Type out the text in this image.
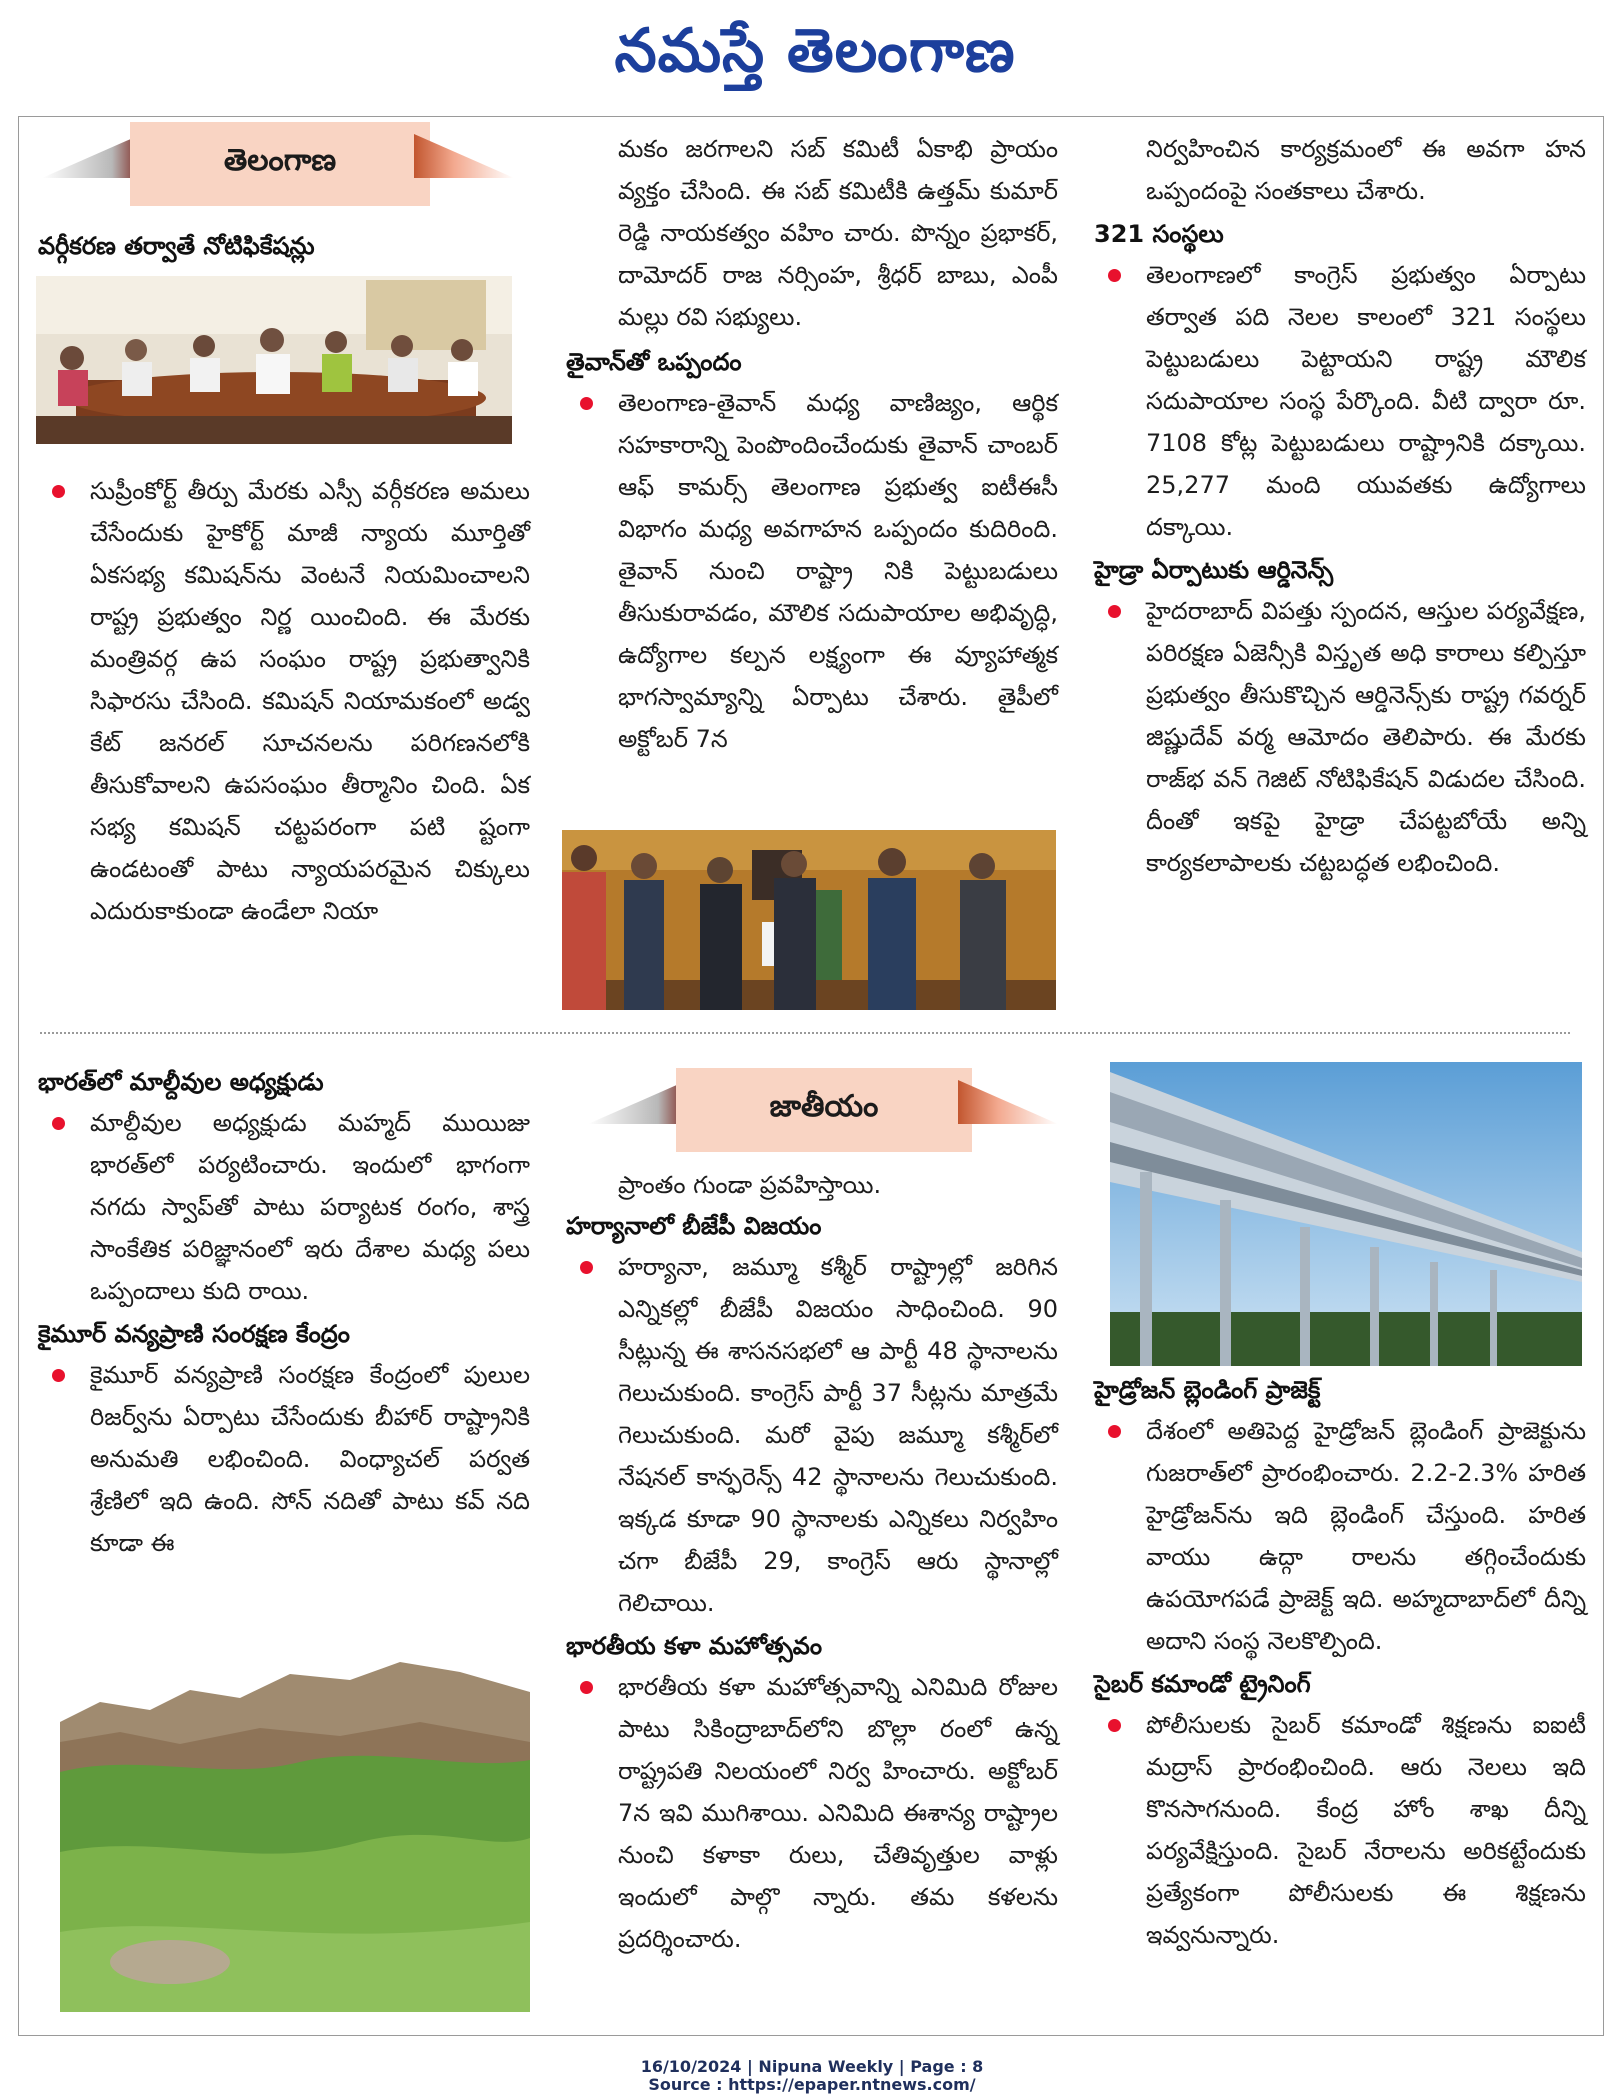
నమస్తే తెలంగాణ
తెలంగాణ
జాతీయం
వర్గీకరణ తర్వాతే నోటిఫికేషన్లు
సుప్రీంకోర్ట్ తీర్పు మేరకు ఎస్సీ వర్గీకరణ అమలు చేసేందుకు హైకోర్ట్ మాజీ న్యాయ మూర్తితో ఏకసభ్య కమిషన్‌ను వెంటనే నియమించాలని రాష్ట్ర ప్రభుత్వం నిర్ణ యించింది. ఈ మేరకు మంత్రివర్గ ఉప సంఘం రాష్ట్ర ప్రభుత్వానికి సిఫారసు చేసింది. కమిషన్ నియామకంలో అడ్వ కేట్ జనరల్ సూచనలను పరిగణనలోకి తీసుకోవాలని ఉపసంఘం తీర్మానిం చింది. ఏక సభ్య కమిషన్ చట్టపరంగా పటి ష్టంగా ఉండటంతో పాటు న్యాయపరమైన చిక్కులు ఎదురుకాకుండా ఉండేలా నియా
మకం జరగాలని సబ్ కమిటీ ఏకాభి ప్రాయం వ్యక్తం చేసింది. ఈ సబ్ కమిటీకి ఉత్తమ్ కుమార్ రెడ్డి నాయకత్వం వహిం చారు. పొన్నం ప్రభాకర్, దామోదర్ రాజ నర్సింహ, శ్రీధర్ బాబు, ఎంపీ మల్లు రవి సభ్యులు.
తైవాన్‌తో ఒప్పందం
తెలంగాణ-తైవాన్ మధ్య వాణిజ్యం, ఆర్థిక సహకారాన్ని పెంపొందించేందుకు తైవాన్ చాంబర్ ఆఫ్ కామర్స్ తెలంగాణ ప్రభుత్వ ఐటీఈసీ విభాగం మధ్య అవగాహన ఒప్పందం కుదిరింది. తైవాన్ నుంచి రాష్ట్రా నికి పెట్టుబడులు తీసుకురావడం, మౌలిక సదుపాయాల అభివృద్ధి, ఉద్యోగాల కల్పన లక్ష్యంగా ఈ వ్యూహాత్మక భాగస్వామ్యాన్ని ఏర్పాటు చేశారు. తైపీలో అక్టోబర్ 7న
నిర్వహించిన కార్యక్రమంలో ఈ అవగా హన ఒప్పందంపై సంతకాలు చేశారు.
321 సంస్థలు
తెలంగాణలో కాంగ్రెస్ ప్రభుత్వం ఏర్పాటు తర్వాత పది నెలల కాలంలో 321 సంస్థలు పెట్టుబడులు పెట్టాయని రాష్ట్ర మౌలిక సదుపాయాల సంస్థ పేర్కొంది. వీటి ద్వారా రూ. 7108 కోట్ల పెట్టుబడులు రాష్ట్రానికి దక్కాయి. 25,277 మంది యువతకు ఉద్యోగాలు దక్కాయి.
హైడ్రా ఏర్పాటుకు ఆర్డినెన్స్
హైదరాబాద్ విపత్తు స్పందన, ఆస్తుల పర్యవేక్షణ, పరిరక్షణ ఏజెన్సీకి విస్తృత అధి కారాలు కల్పిస్తూ ప్రభుత్వం తీసుకొచ్చిన ఆర్డినెన్స్‌కు రాష్ట్ర గవర్నర్ జిష్ణుదేవ్ వర్మ ఆమోదం తెలిపారు. ఈ మేరకు రాజ్‌భ వన్ గెజిట్ నోటిఫికేషన్ విడుదల చేసింది. దీంతో ఇకపై హైడ్రా చేపట్టబోయే అన్ని కార్యకలాపాలకు చట్టబద్ధత లభించింది.
భారత్‌లో మాల్దీవుల అధ్యక్షుడు
మాల్దీవుల అధ్యక్షుడు మహ్మద్ ముయిజు భారత్‌లో పర్యటించారు. ఇందులో భాగంగా నగదు స్వాప్‌తో పాటు పర్యాటక రంగం, శాస్త్ర సాంకేతిక పరిజ్ఞానంలో ఇరు దేశాల మధ్య పలు ఒప్పందాలు కుది రాయి.
కైమూర్ వన్యప్రాణి సంరక్షణ కేంద్రం
కైమూర్ వన్యప్రాణి సంరక్షణ కేంద్రంలో పులుల రిజర్వ్‌ను ఏర్పాటు చేసేందుకు బీహార్ రాష్ట్రానికి అనుమతి లభించింది. వింధ్యాచల్ పర్వత శ్రేణిలో ఇది ఉంది. సోన్ నదితో పాటు కవ్ నది కూడా ఈ
ప్రాంతం గుండా ప్రవహిస్తాయి.
హర్యానాలో బీజేపీ విజయం
హర్యానా, జమ్మూ కశ్మీర్ రాష్ట్రాల్లో జరిగిన ఎన్నికల్లో బీజేపీ విజయం సాధించింది. 90 సీట్లున్న ఈ శాసనసభలో ఆ పార్టీ 48 స్థానాలను గెలుచుకుంది. కాంగ్రెస్ పార్టీ 37 సీట్లను మాత్రమే గెలుచుకుంది. మరో వైపు జమ్మూ కశ్మీర్‌లో నేషనల్ కాన్ఫరెన్స్ 42 స్థానాలను గెలుచుకుంది. ఇక్కడ కూడా 90 స్థానాలకు ఎన్నికలు నిర్వహిం చగా బీజేపీ 29, కాంగ్రెస్ ఆరు స్థానాల్లో గెలిచాయి.
భారతీయ కళా మహోత్సవం
భారతీయ కళా మహోత్సవాన్ని ఎనిమిది రోజుల పాటు సికింద్రాబాద్‌లోని బొల్లా రంలో ఉన్న రాష్ట్రపతి నిలయంలో నిర్వ హించారు. అక్టోబర్ 7న ఇవి ముగిశాయి. ఎనిమిది ఈశాన్య రాష్ట్రాల నుంచి కళాకా రులు, చేతివృత్తుల వాళ్లు ఇందులో పాల్గొ న్నారు. తమ కళలను ప్రదర్శించారు.
హైడ్రోజన్ బ్లెండింగ్ ప్రాజెక్ట్
దేశంలో అతిపెద్ద హైడ్రోజన్ బ్లెండింగ్ ప్రాజెక్టును గుజరాత్‌లో ప్రారంభించారు. 2.2-2.3% హరిత హైడ్రోజన్‌ను ఇది బ్లెండింగ్ చేస్తుంది. హరిత వాయు ఉద్గా రాలను తగ్గించేందుకు ఉపయోగపడే ప్రాజెక్ట్ ఇది. అహ్మదాబాద్‌లో దీన్ని అదాని సంస్థ నెలకొల్పింది.
సైబర్ కమాండో ట్రైనింగ్
పోలీసులకు సైబర్ కమాండో శిక్షణను ఐఐటీ మద్రాస్ ప్రారంభించింది. ఆరు నెలలు ఇది కొనసాగనుంది. కేంద్ర హోం శాఖ దీన్ని పర్యవేక్షిస్తుంది. సైబర్ నేరాలను అరికట్టేందుకు ప్రత్యేకంగా పోలీసులకు ఈ శిక్షణను ఇవ్వనున్నారు.
16/10/2024 | Nipuna Weekly | Page : 8
Source : https://epaper.ntnews.com/
